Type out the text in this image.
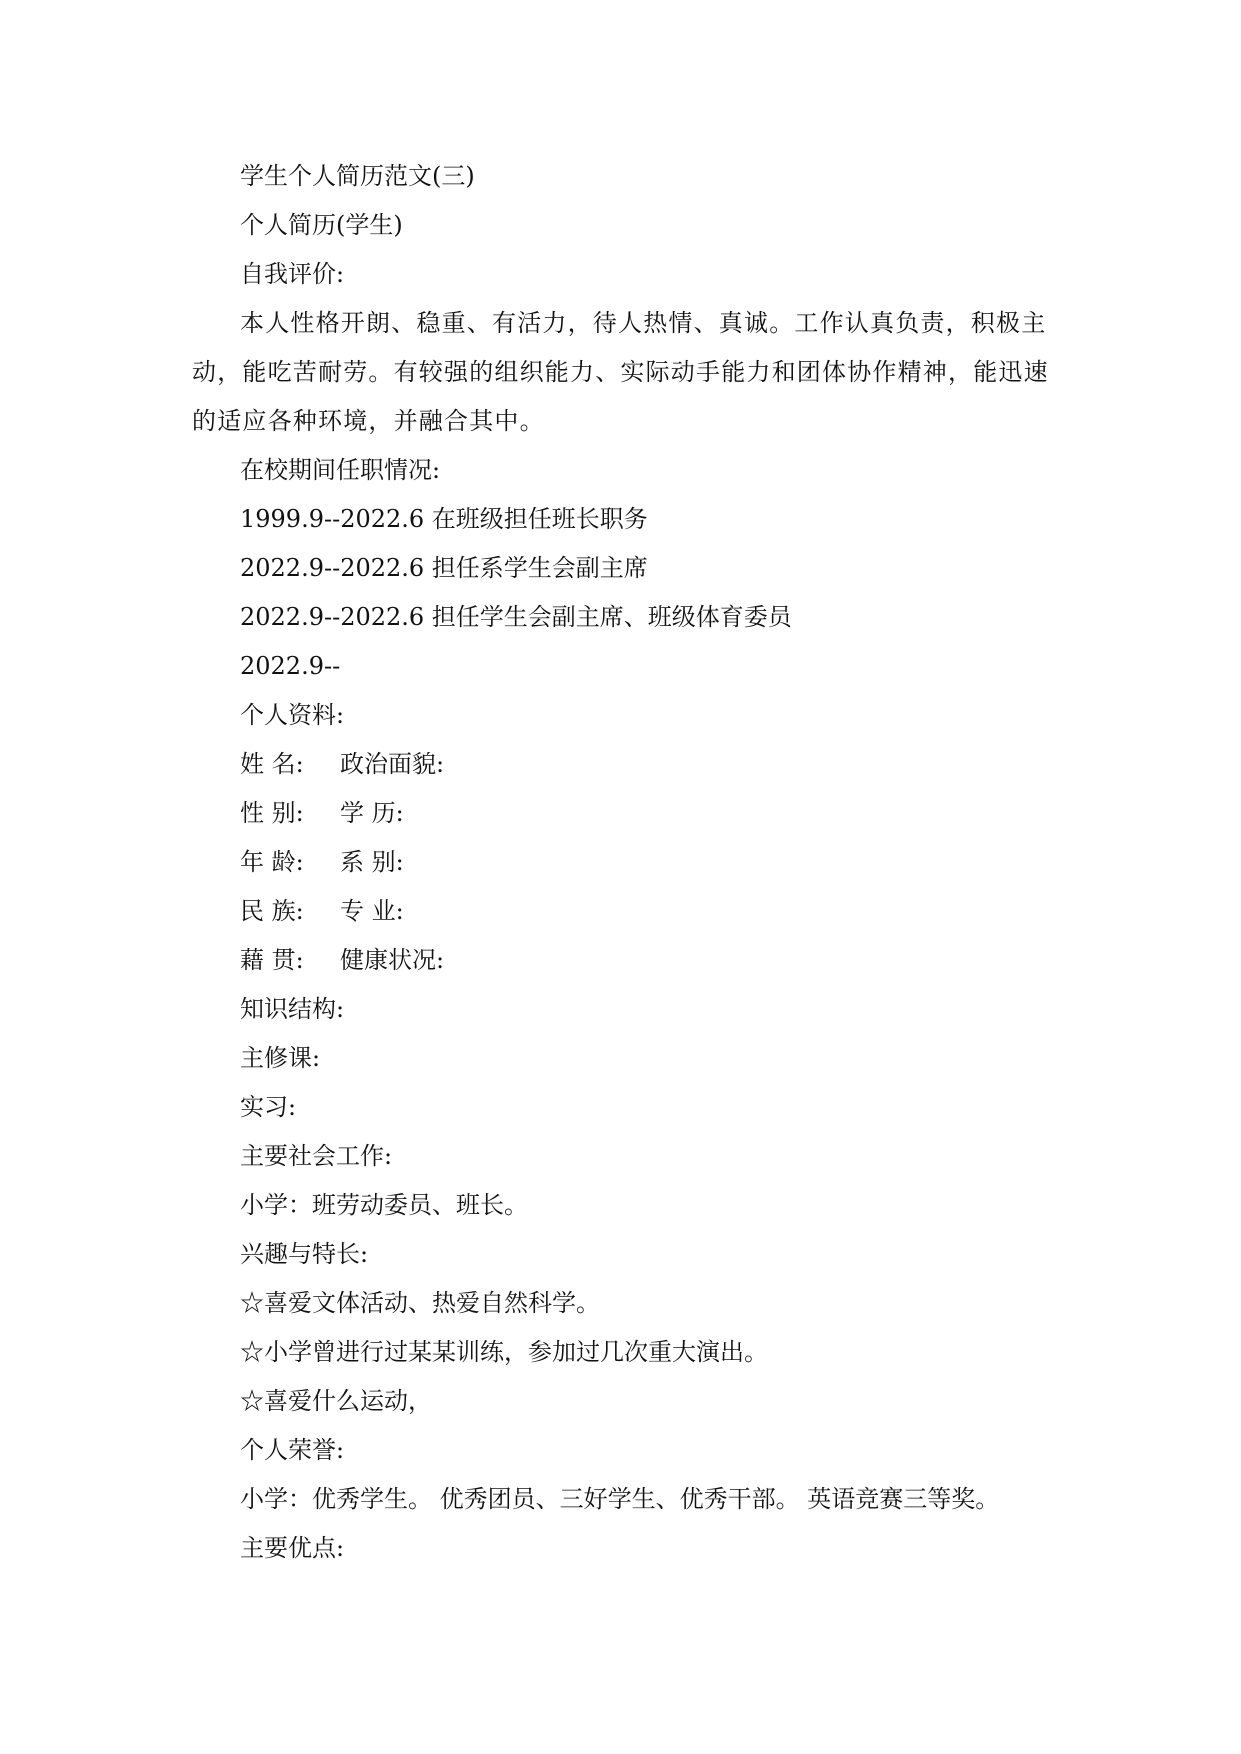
学生个人简历范文(三)
个人简历(学生)
自我评价:

本人性格开朗、稳重、有活力，待人热情、真诚。工作认真负责，积极主动，能吃苦耐劳。有较强的组织能力、实际动手能力和团体协作精神，能迅速的适应各种环境，并融合其中。

在校期间任职情况:
1999.9--2022.6 在班级担任班长职务
2022.9--2022.6 担任系学生会副主席
2022.9--2022.6 担任学生会副主席、班级体育委员
2022.9--
个人资料:
姓 名: 政治面貌:
性 别: 学 历:
年 龄: 系 别:
民 族: 专 业:
藉 贯: 健康状况:
知识结构:
主修课:
实习:
主要社会工作:
小学：班劳动委员、班长。
兴趣与特长:
☆喜爱文体活动、热爱自然科学。
☆小学曾进行过某某训练，参加过几次重大演出。
☆喜爱什么运动，
个人荣誉:
小学：优秀学生。 优秀团员、三好学生、优秀干部。 英语竞赛三等奖。
主要优点:
